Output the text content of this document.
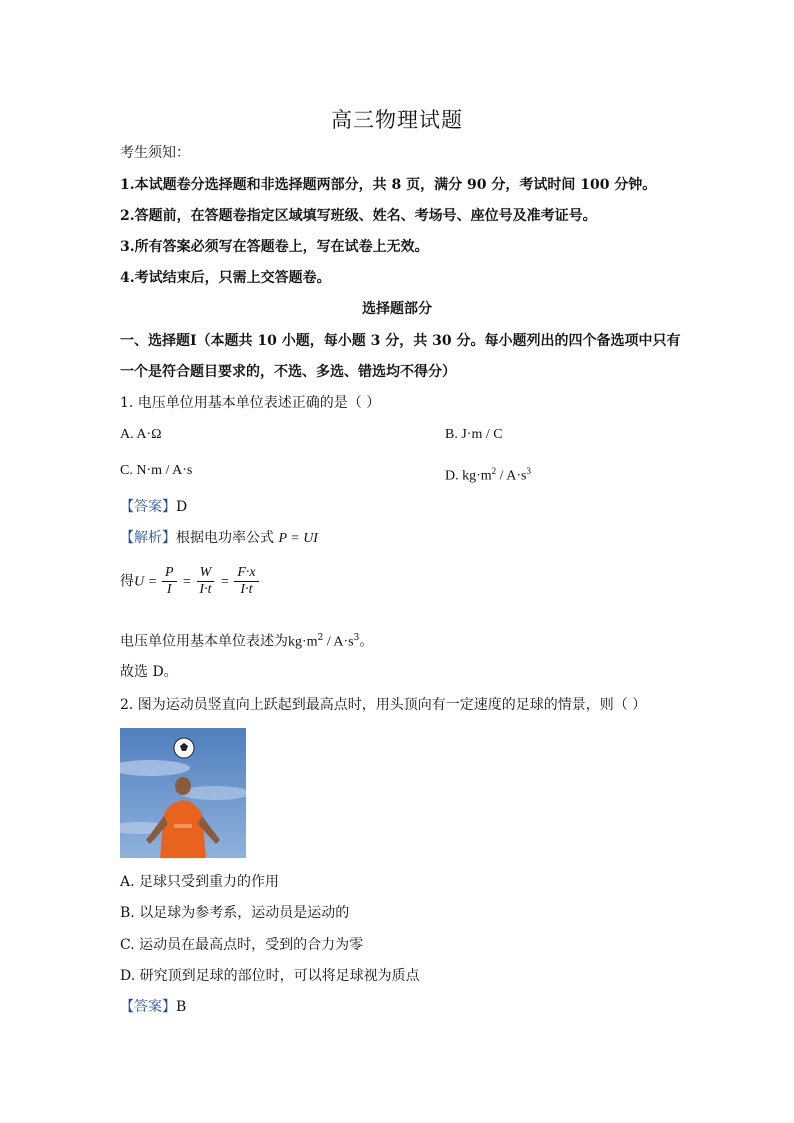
高三物理试题
考生须知：
1.本试题卷分选择题和非选择题两部分，共 8 页，满分 90 分，考试时间 100 分钟。
2.答题前，在答题卷指定区域填写班级、姓名、考场号、座位号及准考证号。
3.所有答案必须写在答题卷上，写在试卷上无效。
4.考试结束后，只需上交答题卷。
选择题部分
一、选择题Ⅰ（本题共 10 小题，每小题 3 分，共 30 分。每小题列出的四个备选项中只有
一个是符合题目要求的，不选、多选、错选均不得分）
1. 电压单位用基本单位表述正确的是（ ）
A. A·Ω	B. J·m / C
C. N·m / A·s	D. $kg\cdot m^2 / A\cdot s^3$
【答案】D
【解析】根据电功率公式 P = UI
得$U = \frac{P}{I} = \frac{W}{I\cdot t} = \frac{F\cdot x}{I\cdot t}$
电压单位用基本单位表述为$kg\cdot m^2 / A\cdot s^3$。
故选 D。
2. 图为运动员竖直向上跃起到最高点时，用头顶向有一定速度的足球的情景，则（ ）
A. 足球只受到重力的作用
B. 以足球为参考系，运动员是运动的
C. 运动员在最高点时，受到的合力为零
D. 研究顶到足球的部位时，可以将足球视为质点
【答案】B
